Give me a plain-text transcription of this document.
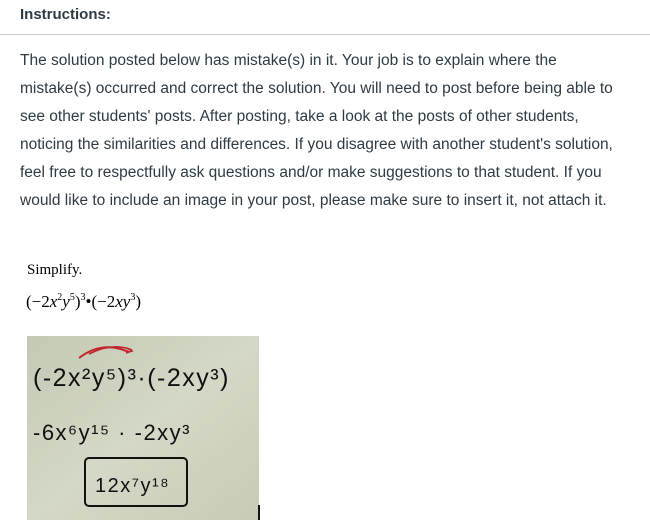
Instructions:
The solution posted below has mistake(s) in it. Your job is to explain where the mistake(s) occurred and correct the solution. You will need to post before being able to see other students' posts. After posting, take a look at the posts of other students, noticing the similarities and differences. If you disagree with another student's solution, feel free to respectfully ask questions and/or make suggestions to that student. If you would like to include an image in your post, please make sure to insert it, not attach it.
Simplify.
$(-2x^2y^5)^3•(-2xy^3)$
(-2x²y⁵)³·(-2xy³)
-6x⁶y¹⁵ · -2xy³
12x⁷y¹⁸
